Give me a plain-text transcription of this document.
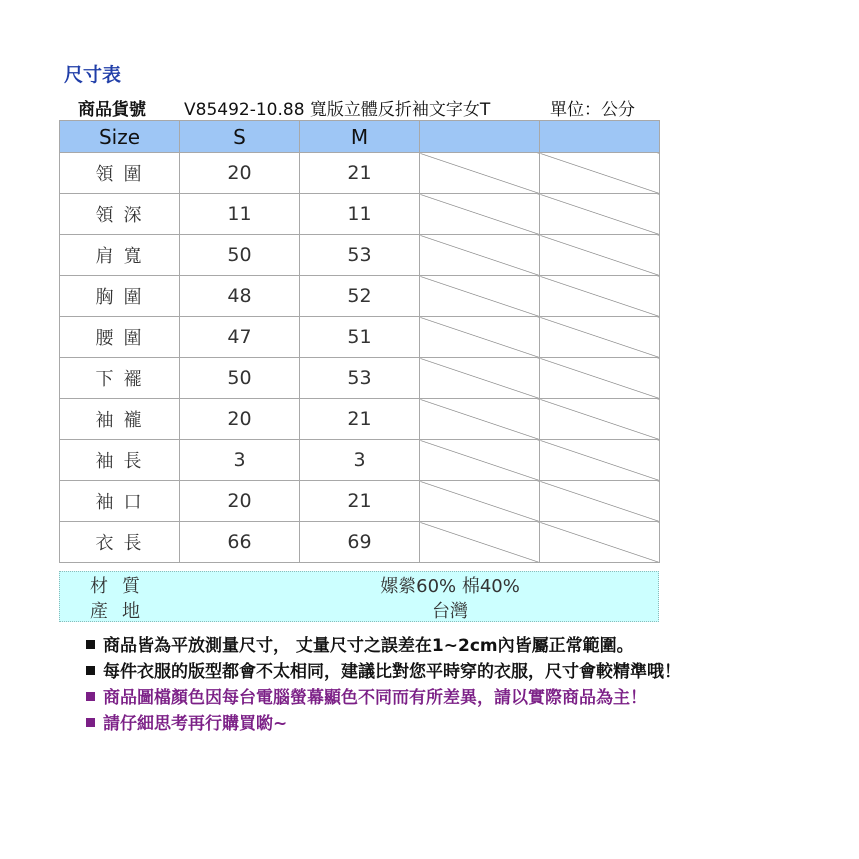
尺寸表
商品貨號 V85492-10.88 寬版立體反折袖文字女T	單位：公分
Size	S	M		
領圍	20	21		
領深	11	11		
肩寬	50	53		
胸圍	48	52		
腰圍	47	51		
下襬	50	53		
袖襱	20	21		
袖長	3	3		
袖口	20	21		
衣長	66	69		
材質	嫘縈60% 棉40%
產地	台灣
商品皆為平放測量尺寸， 丈量尺寸之誤差在1~2cm內皆屬正常範圍。
每件衣服的版型都會不太相同，建議比對您平時穿的衣服，尺寸會較精準哦！
商品圖檔顏色因每台電腦螢幕顯色不同而有所差異，請以實際商品為主！
請仔細思考再行購買喲~
